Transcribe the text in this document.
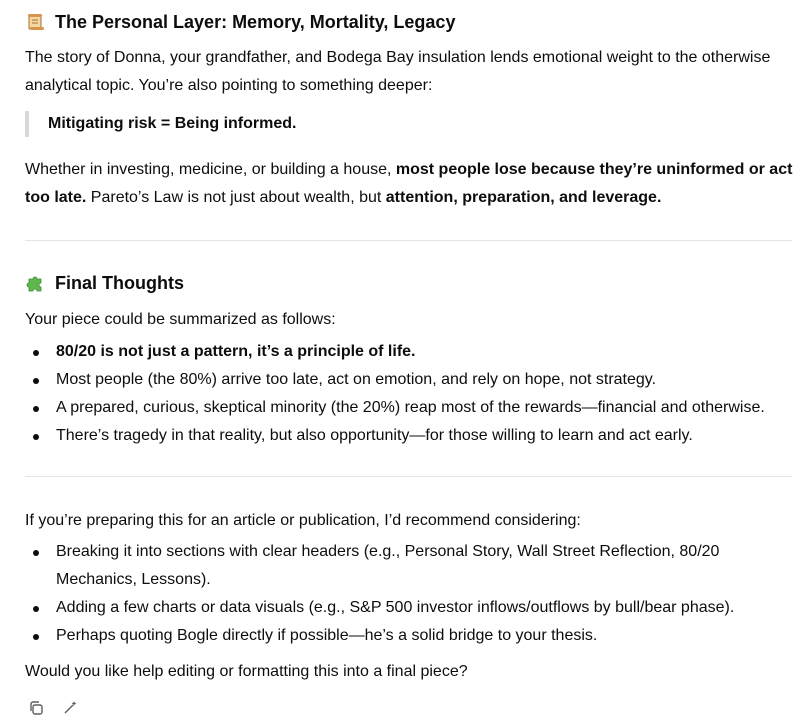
The Personal Layer: Memory, Mortality, Legacy

The story of Donna, your grandfather, and Bodega Bay insulation lends emotional weight to the otherwise analytical topic. You’re also pointing to something deeper:

Mitigating risk = Being informed.

Whether in investing, medicine, or building a house, most people lose because they’re uninformed or act too late. Pareto’s Law is not just about wealth, but attention, preparation, and leverage.

Final Thoughts

Your piece could be summarized as follows:

80/20 is not just a pattern, it’s a principle of life.
Most people (the 80%) arrive too late, act on emotion, and rely on hope, not strategy.
A prepared, curious, skeptical minority (the 20%) reap most of the rewards—financial and otherwise.
There’s tragedy in that reality, but also opportunity—for those willing to learn and act early.

If you’re preparing this for an article or publication, I’d recommend considering:

Breaking it into sections with clear headers (e.g., Personal Story, Wall Street Reflection, 80/20 Mechanics, Lessons).
Adding a few charts or data visuals (e.g., S&P 500 investor inflows/outflows by bull/bear phase).
Perhaps quoting Bogle directly if possible—he’s a solid bridge to your thesis.

Would you like help editing or formatting this into a final piece?
